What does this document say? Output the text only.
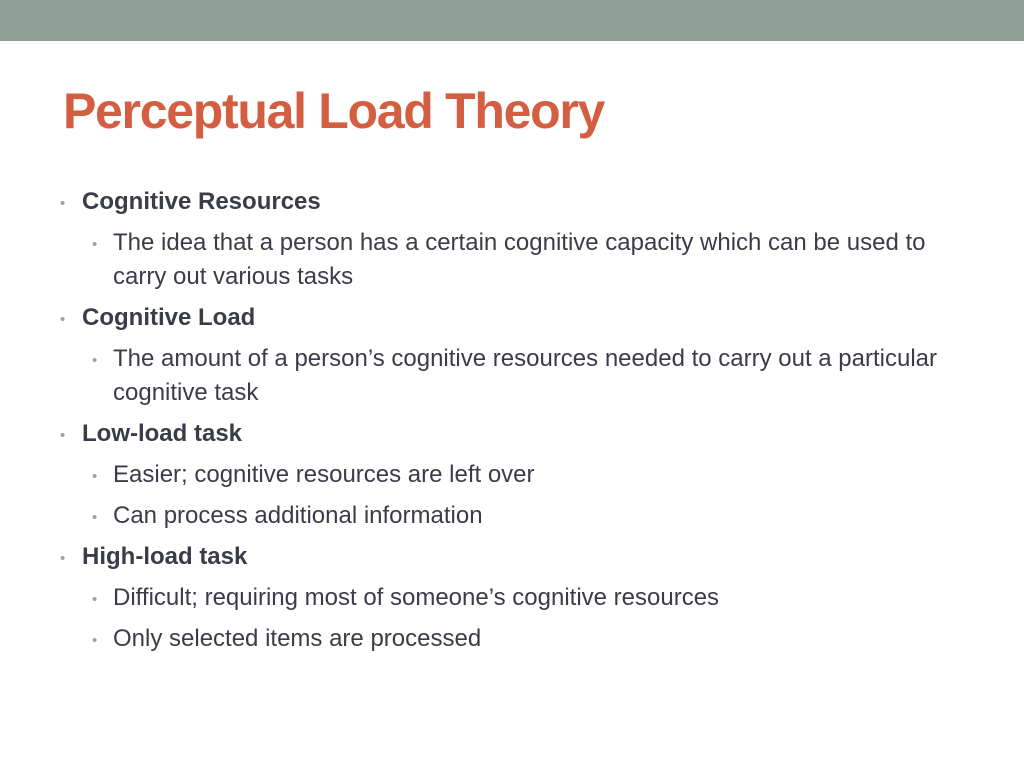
Perceptual Load Theory
• Cognitive Resources
• The idea that a person has a certain cognitive capacity which can be used to carry out various tasks
• Cognitive Load
• The amount of a person’s cognitive resources needed to carry out a particular cognitive task
• Low-load task
• Easier; cognitive resources are left over
• Can process additional information
• High-load task
• Difficult; requiring most of someone’s cognitive resources
• Only selected items are processed
